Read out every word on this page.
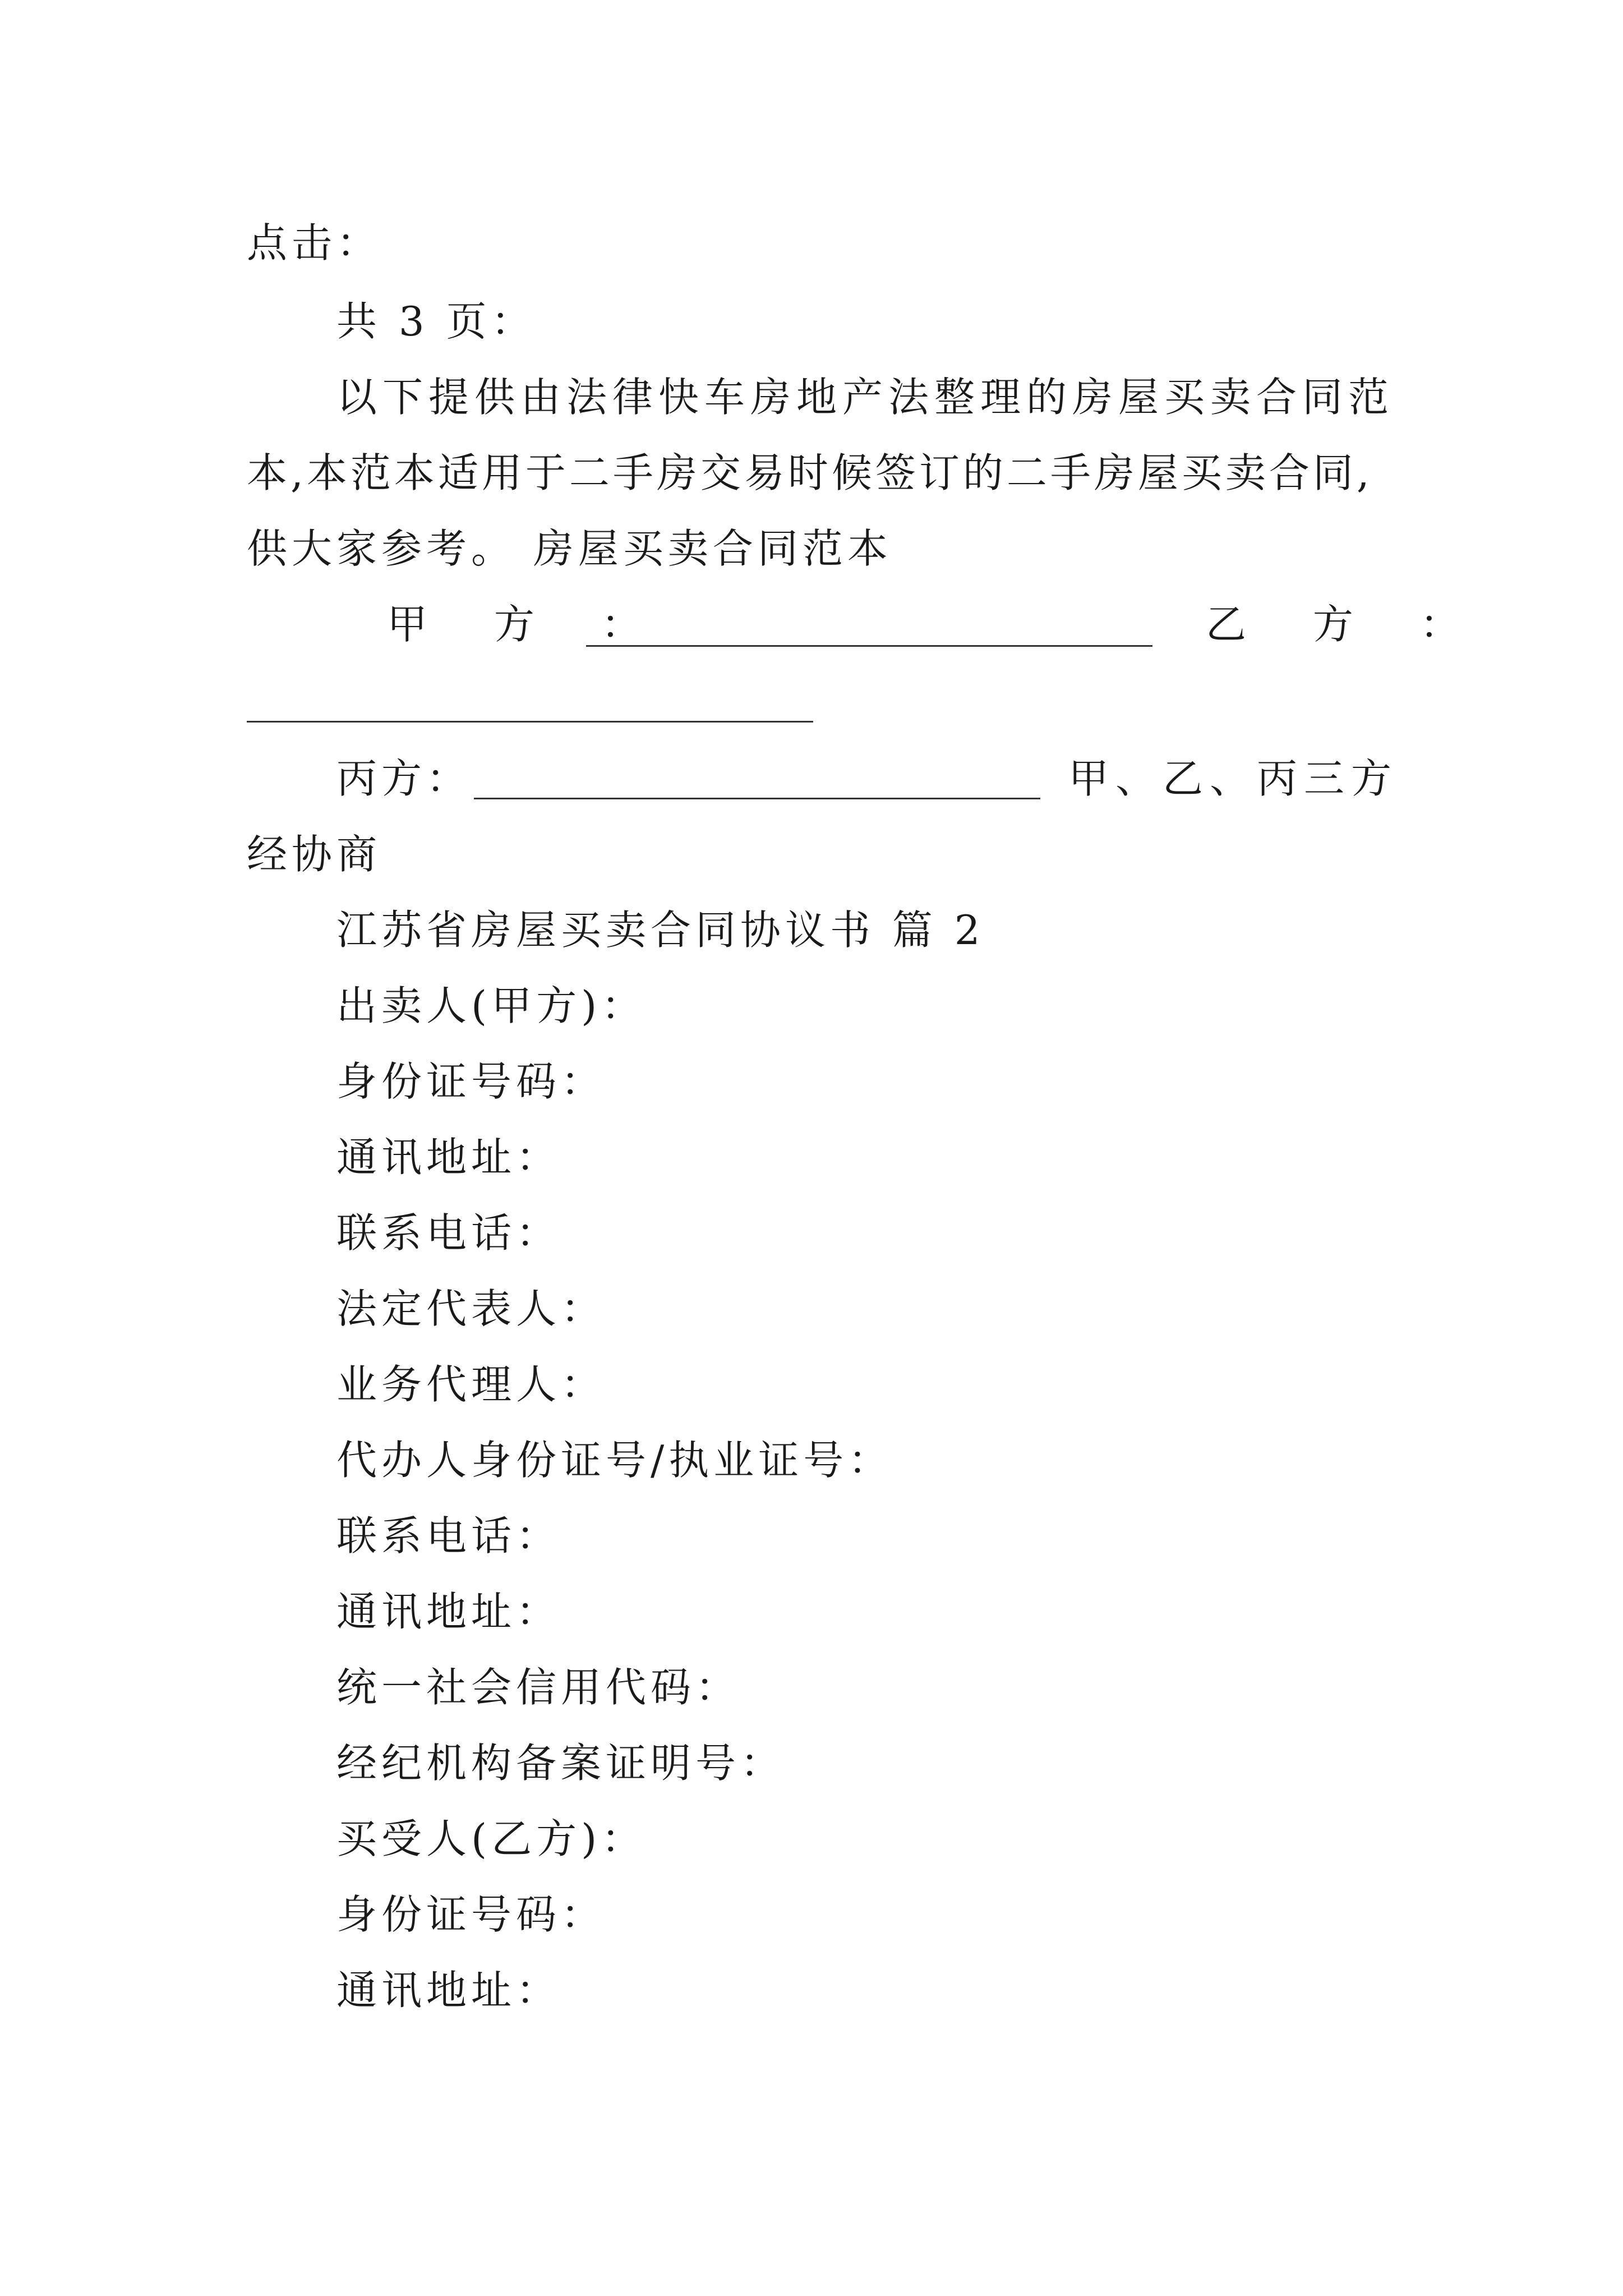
点击：
共 3 页：
以下提供由法律快车房地产法整理的房屋买卖合同范
本,本范本适用于二手房交易时候签订的二手房屋买卖合同,
供大家参考。 房屋买卖合同范本
甲 方 ：	乙 方 ：
丙方：	甲、乙、丙三方
经协商
江苏省房屋买卖合同协议书 篇 2
出卖人(甲方)：
身份证号码：
通讯地址：
联系电话：
法定代表人：
业务代理人：
代办人身份证号/执业证号：
联系电话：
通讯地址：
统一社会信用代码：
经纪机构备案证明号：
买受人(乙方)：
身份证号码：
通讯地址：
